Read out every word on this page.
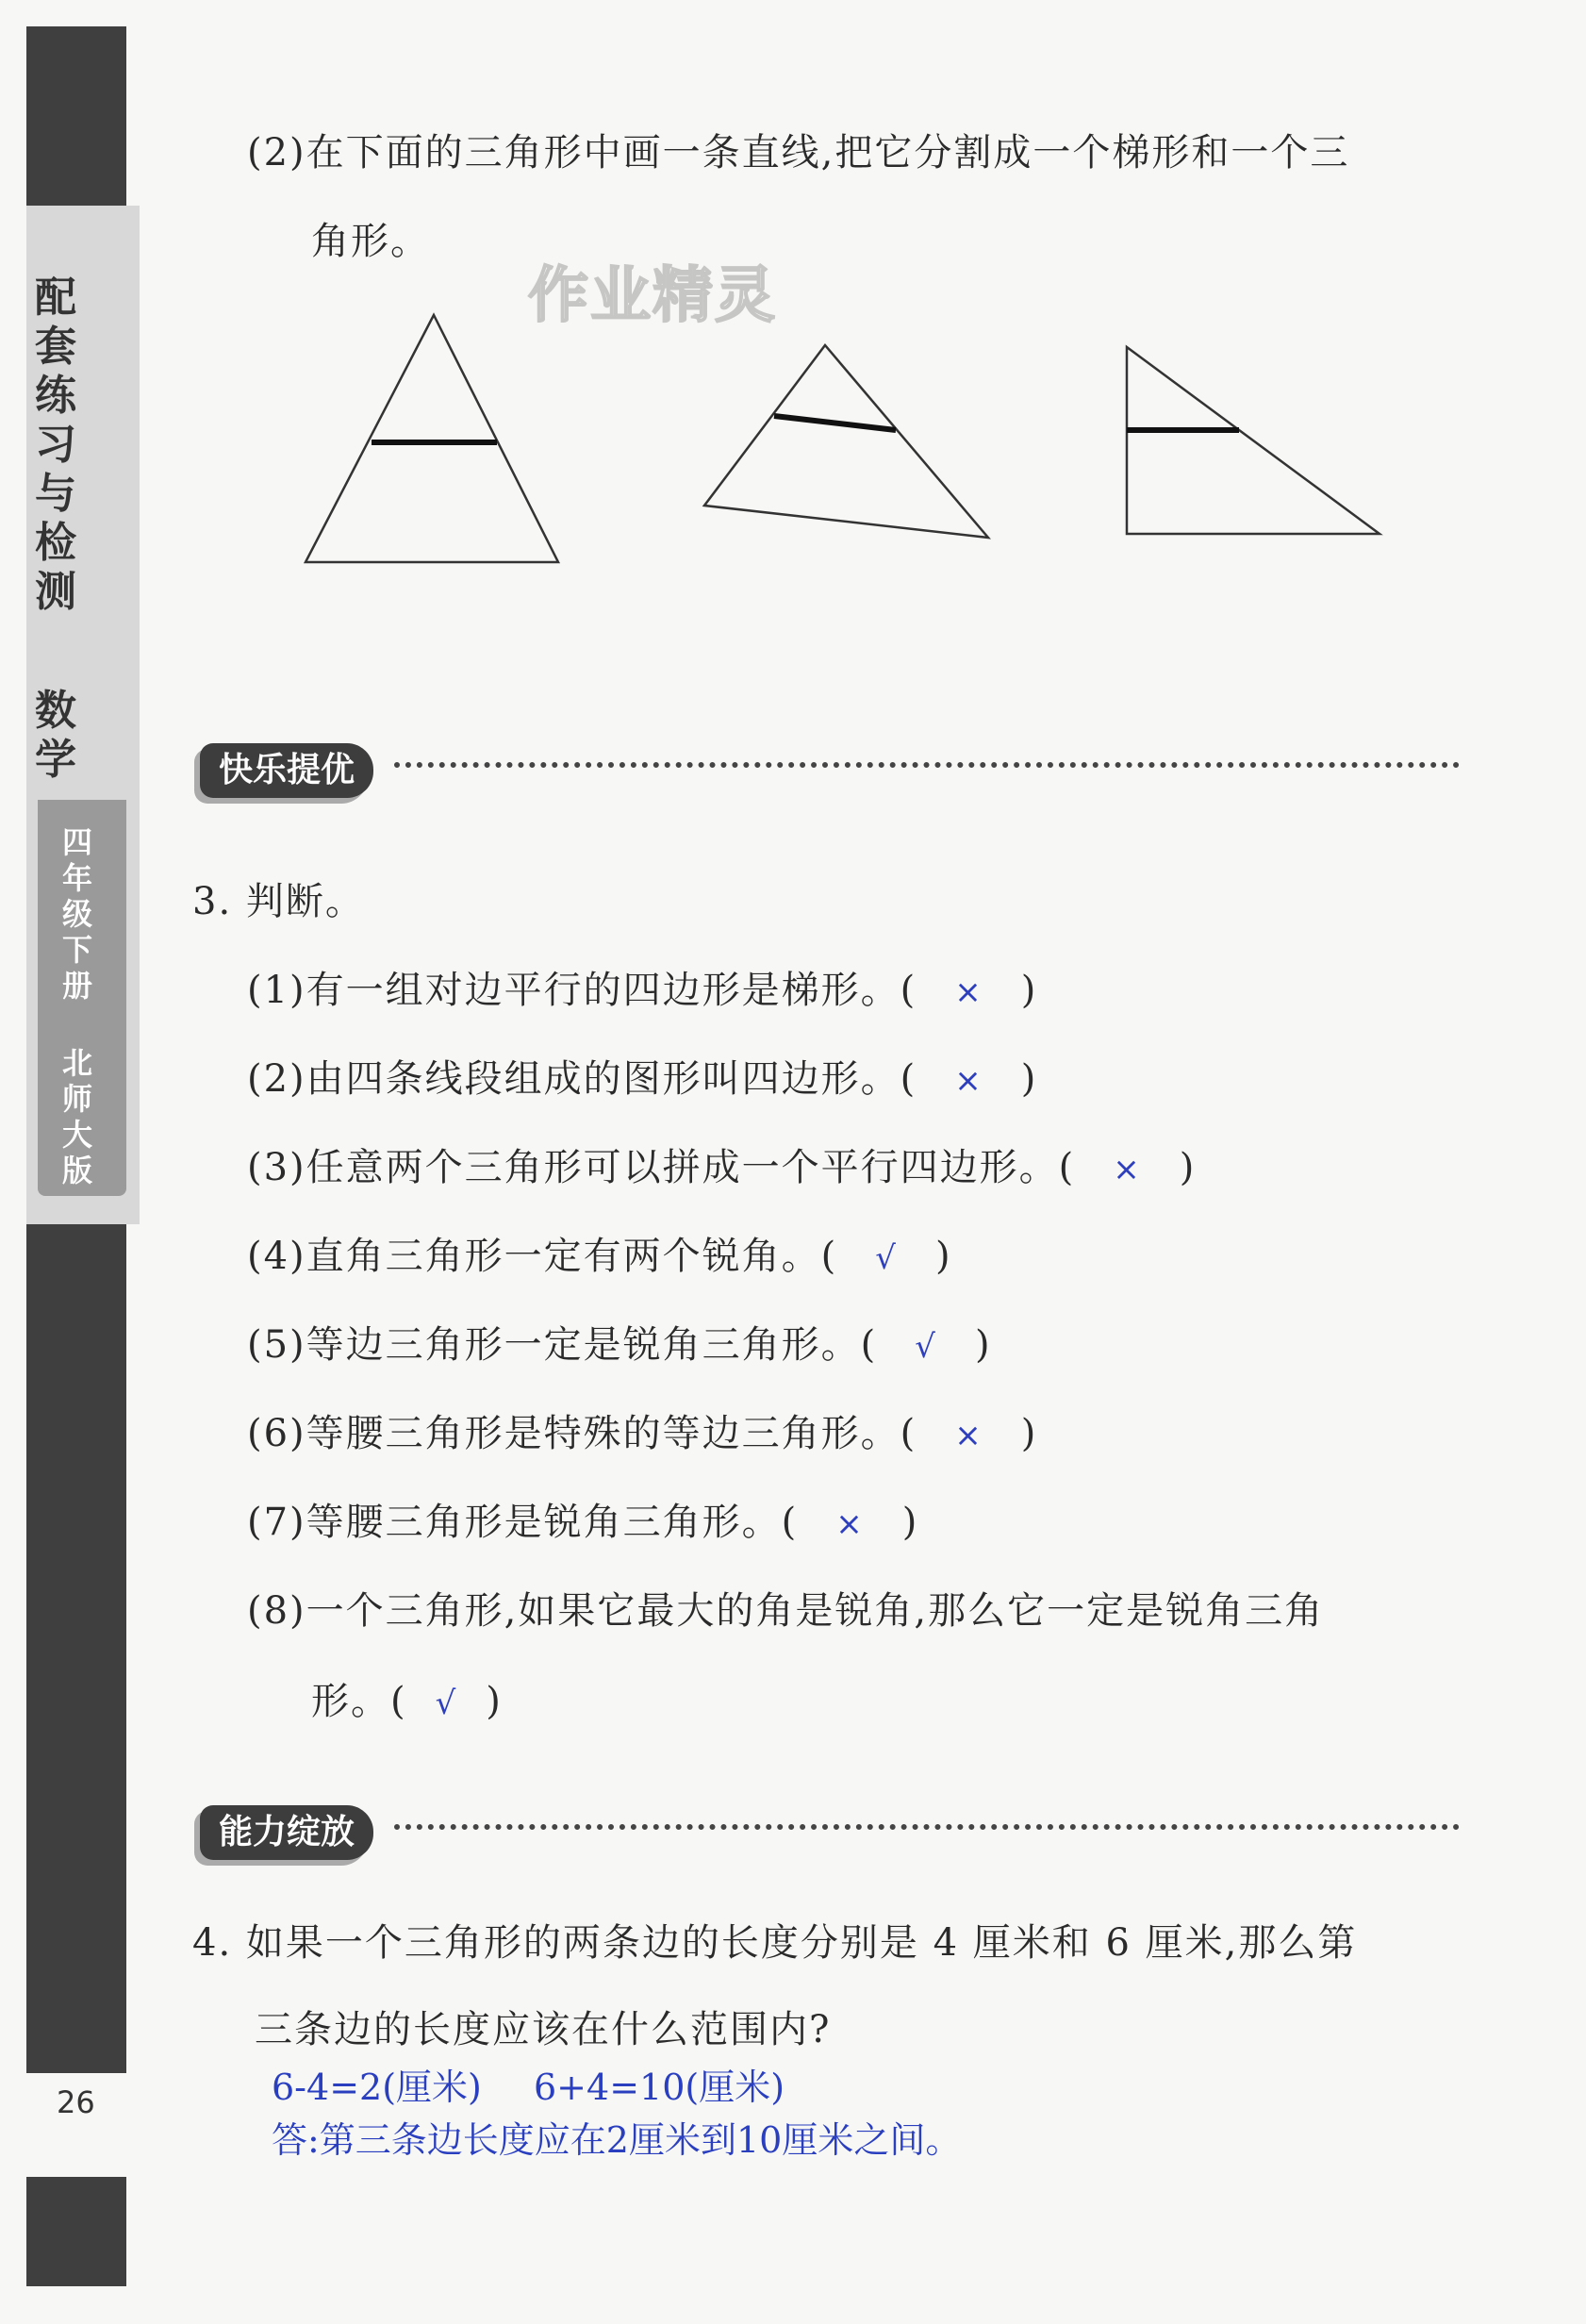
配套练习与检测
数学
四年级下册
北师大版
26
(2)在下面的三角形中画一条直线,把它分割成一个梯形和一个三
角形。
作业精灵
快乐提优
3. 判断。
(1)有一组对边平行的四边形是梯形。( × )
(2)由四条线段组成的图形叫四边形。( × )
(3)任意两个三角形可以拼成一个平行四边形。( × )
(4)直角三角形一定有两个锐角。( √ )
(5)等边三角形一定是锐角三角形。( √ )
(6)等腰三角形是特殊的等边三角形。( × )
(7)等腰三角形是锐角三角形。( × )
(8)一个三角形,如果它最大的角是锐角,那么它一定是锐角三角
形。( √ )
能力绽放
4. 如果一个三角形的两条边的长度分别是 4 厘米和 6 厘米,那么第
三条边的长度应该在什么范围内?
6-4=2(厘米) 6+4=10(厘米)
答:第三条边长度应在2厘米到10厘米之间。
